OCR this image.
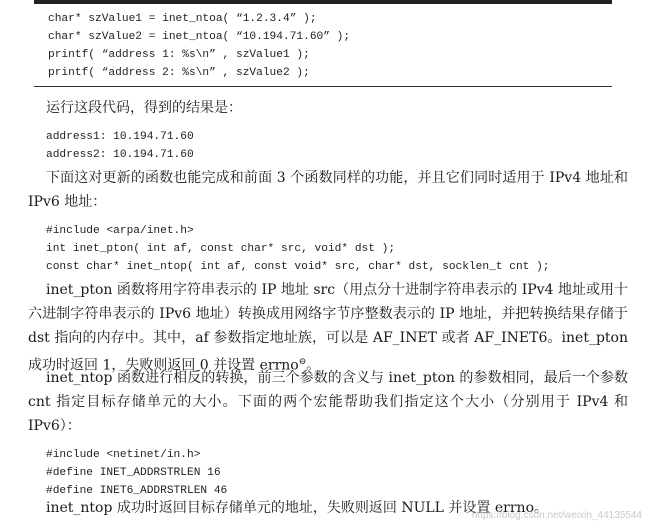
char* szValue1 = inet_ntoa( “1.2.3.4” );
char* szValue2 = inet_ntoa( “10.194.71.60” );
printf( “address 1: %s\n” , szValue1 );
printf( “address 2: %s\n” , szValue2 );
运行这段代码，得到的结果是：
address1: 10.194.71.60
address2: 10.194.71.60
下面这对更新的函数也能完成和前面 3 个函数同样的功能，并且它们同时适用于 IPv4 地址和 IPv6 地址：
#include <arpa/inet.h>
int inet_pton( int af, const char* src, void* dst );
const char* inet_ntop( int af, const void* src, char* dst, socklen_t cnt );
inet_pton 函数将用字符串表示的 IP 地址 src（用点分十进制字符串表示的 IPv4 地址或用十六进制字符串表示的 IPv6 地址）转换成用网络字节序整数表示的 IP 地址，并把转换结果存储于 dst 指向的内存中。其中，af 参数指定地址族，可以是 AF_INET 或者 AF_INET6。inet_pton 成功时返回 1，失败则返回 0 并设置 errno⊖。
inet_ntop 函数进行相反的转换，前三个参数的含义与 inet_pton 的参数相同，最后一个参数 cnt 指定目标存储单元的大小。下面的两个宏能帮助我们指定这个大小（分别用于 IPv4 和 IPv6）：
#include <netinet/in.h>
#define INET_ADDRSTRLEN 16
#define INET6_ADDRSTRLEN 46
inet_ntop 成功时返回目标存储单元的地址，失败则返回 NULL 并设置 errno。
https://blog.csdn.net/weixin_44135544
